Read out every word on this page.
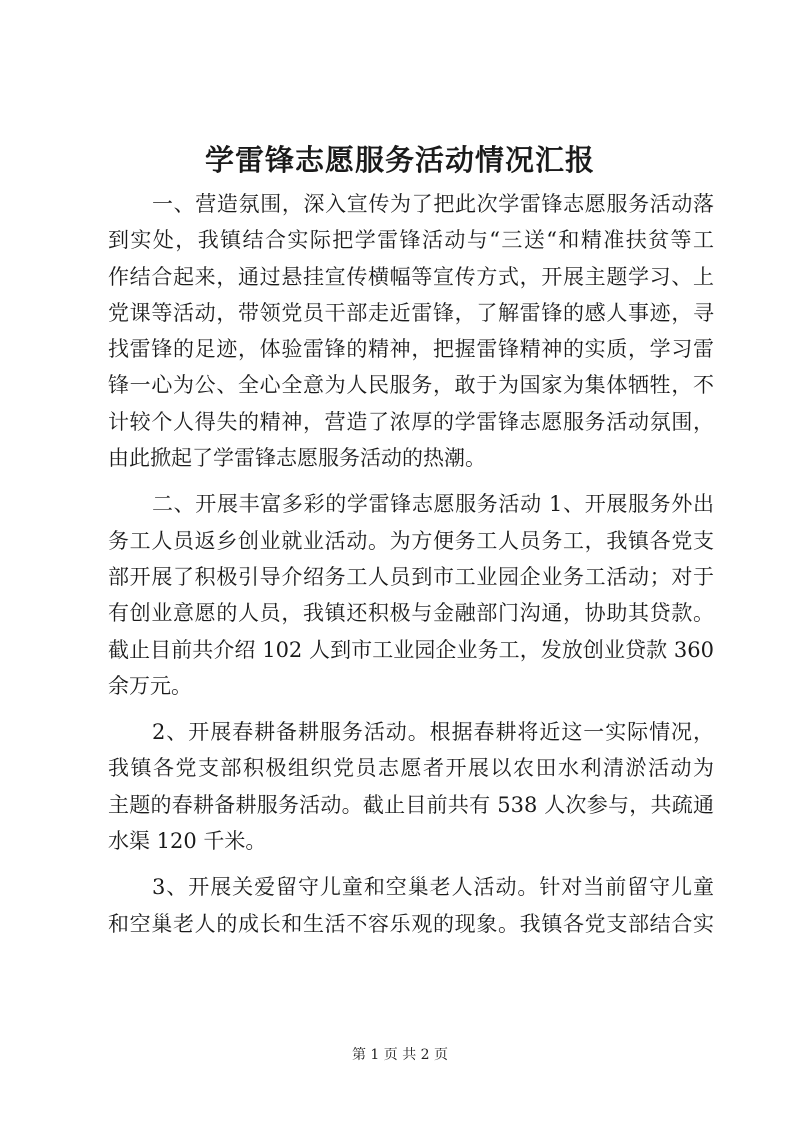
学雷锋志愿服务活动情况汇报
一、营造氛围，深入宣传为了把此次学雷锋志愿服务活动落
到实处，我镇结合实际把学雷锋活动与“三送“和精准扶贫等工
作结合起来，通过悬挂宣传横幅等宣传方式，开展主题学习、上
党课等活动，带领党员干部走近雷锋，了解雷锋的感人事迹，寻
找雷锋的足迹，体验雷锋的精神，把握雷锋精神的实质，学习雷
锋一心为公、全心全意为人民服务，敢于为国家为集体牺牲，不
计较个人得失的精神，营造了浓厚的学雷锋志愿服务活动氛围，
由此掀起了学雷锋志愿服务活动的热潮。
二、开展丰富多彩的学雷锋志愿服务活动 1、开展服务外出
务工人员返乡创业就业活动。为方便务工人员务工，我镇各党支
部开展了积极引导介绍务工人员到市工业园企业务工活动；对于
有创业意愿的人员，我镇还积极与金融部门沟通，协助其贷款。
截止目前共介绍 102 人到市工业园企业务工，发放创业贷款 360
余万元。
2、开展春耕备耕服务活动。根据春耕将近这一实际情况，
我镇各党支部积极组织党员志愿者开展以农田水利清淤活动为
主题的春耕备耕服务活动。截止目前共有 538 人次参与，共疏通
水渠 120 千米。
3、开展关爱留守儿童和空巢老人活动。针对当前留守儿童
和空巢老人的成长和生活不容乐观的现象。我镇各党支部结合实
第 1 页 共 2 页
